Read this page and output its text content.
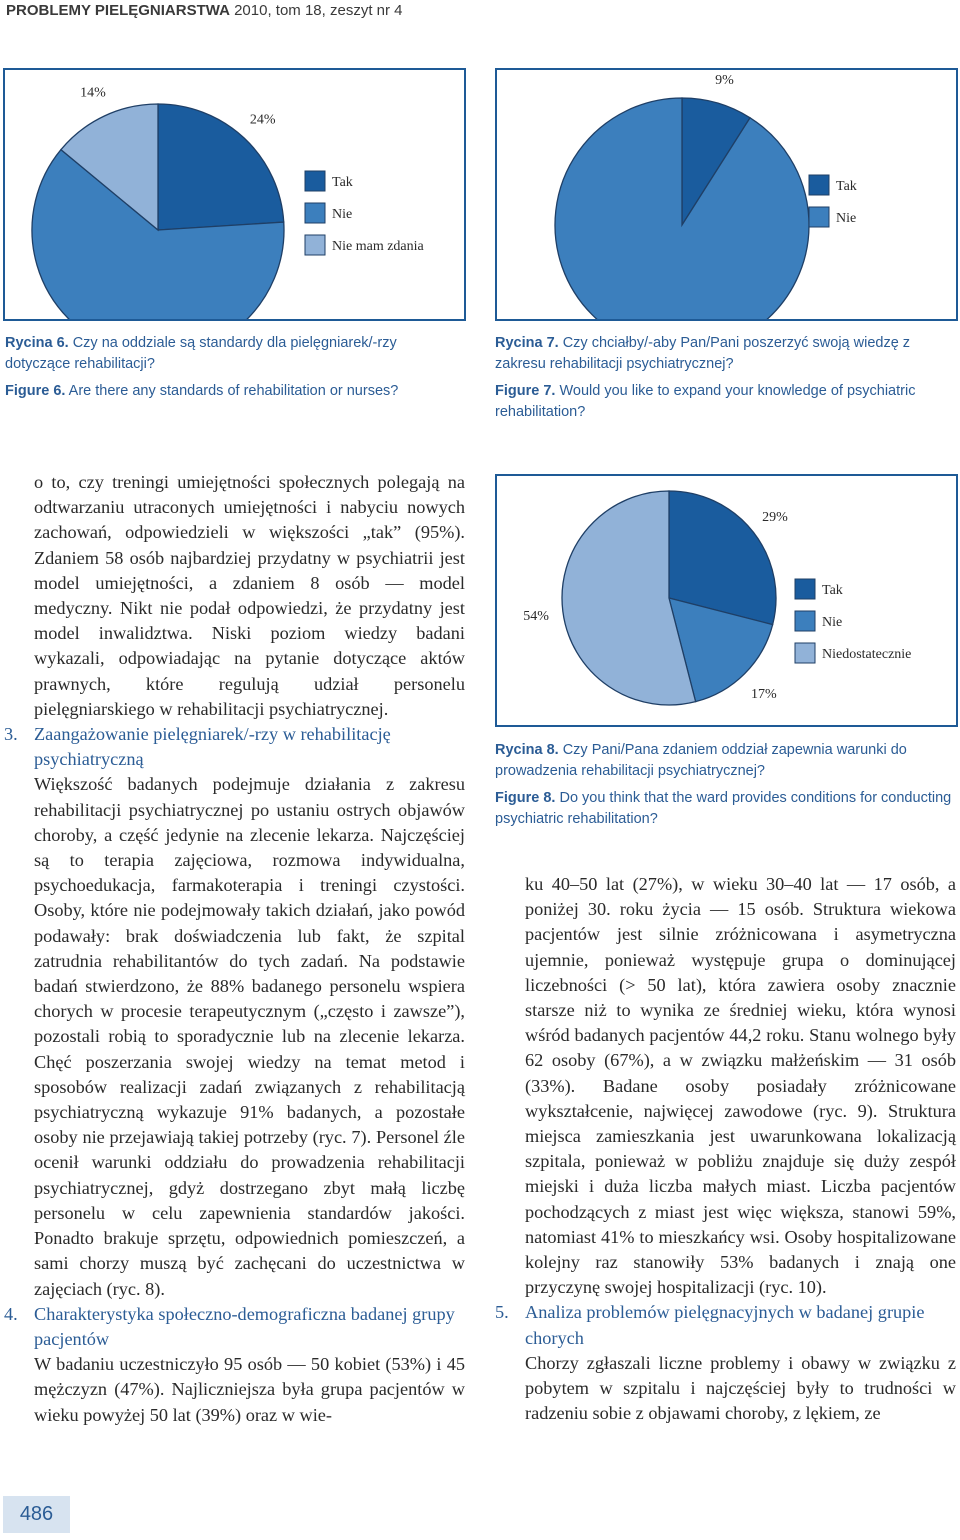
PROBLEMY PIELĘGNIARSTWA 2010, tom 18, zeszyt nr 4
24%
14%
Tak
Nie
Nie mam zdania

Rycina 6. Czy na oddziale są standardy dla pielęgniarek/-rzy dotyczące rehabilitacji?

Figure 6. Are there any standards of rehabilitation or nurses?

9%
Tak
Nie

Rycina 7. Czy chciałby/-aby Pan/Pani poszerzyć swoją wiedzę z zakresu rehabilitacji psychiatrycznej?

Figure 7. Would you like to expand your knowledge of psychiatric rehabilitation?

29%
17%
54%
Tak
Nie
Niedostatecznie

Rycina 8. Czy Pani/Pana zdaniem oddział zapewnia warunki do prowadzenia rehabilitacji psychiatrycznej?

Figure 8. Do you think that the ward provides conditions for conducting psychiatric rehabilitation?

o to, czy treningi umiejętności społecznych polegają na odtwarzaniu utraconych umiejętności i nabyciu nowych zachowań, odpowiedzieli w większości „tak” (95%). Zdaniem 58 osób najbardziej przydatny w psychiatrii jest model umiejętności, a zdaniem 8 osób — model medyczny. Nikt nie podał odpowiedzi, że przydatny jest model inwalidztwa. Niski poziom wiedzy badani wykazali, odpowiadając na pytanie dotyczące aktów prawnych, które regulują udział personelu pielęgniarskiego w rehabilitacji psychiatrycznej.

3. Zaangażowanie pielęgniarek/-rzy w rehabilitację psychiatryczną

Większość badanych podejmuje działania z zakresu rehabilitacji psychiatrycznej po ustaniu ostrych objawów choroby, a część jedynie na zlecenie lekarza. Najczęściej są to terapia zajęciowa, rozmowa indywidualna, psychoedukacja, farmakoterapia i treningi czystości. Osoby, które nie podejmowały takich działań, jako powód podawały: brak doświadczenia lub fakt, że szpital zatrudnia rehabilitantów do tych zadań. Na podstawie badań stwierdzono, że 88% badanego personelu wspiera chorych w procesie terapeutycznym („często i zawsze”), pozostali robią to sporadycznie lub na zlecenie lekarza. Chęć poszerzania swojej wiedzy na temat metod i sposobów realizacji zadań związanych z rehabilitacją psychiatryczną wykazuje 91% badanych, a pozostałe osoby nie przejawiają takiej potrzeby (ryc. 7). Personel źle ocenił warunki oddziału do prowadzenia rehabilitacji psychiatrycznej, gdyż dostrzegano zbyt małą liczbę personelu w celu zapewnienia standardów jakości. Ponadto brakuje sprzętu, odpowiednich pomieszczeń, a sami chorzy muszą być zachęcani do uczestnictwa w zajęciach (ryc. 8).

4. Charakterystyka społeczno-demograficzna badanej grupy pacjentów

W badaniu uczestniczyło 95 osób — 50 kobiet (53%) i 45 mężczyzn (47%). Najliczniejsza była grupa pacjentów w wieku powyżej 50 lat (39%) oraz w wie-

ku 40–50 lat (27%), w wieku 30–40 lat — 17 osób, a poniżej 30. roku życia — 15 osób. Struktura wiekowa pacjentów jest silnie zróżnicowana i asymetryczna ujemnie, ponieważ występuje grupa o dominującej liczebności (> 50 lat), która zawiera osoby znacznie starsze niż to wynika ze średniej wieku, która wynosi wśród badanych pacjentów 44,2 roku. Stanu wolnego były 62 osoby (67%), a w związku małżeńskim — 31 osób (33%). Badane osoby posiadały zróżnicowane wykształcenie, najwięcej zawodowe (ryc. 9). Struktura miejsca zamieszkania jest uwarunkowana lokalizacją szpitala, ponieważ w pobliżu znajduje się duży zespół miejski i duża liczba małych miast. Liczba pacjentów pochodzących z miast jest więc większa, stanowi 59%, natomiast 41% to mieszkańcy wsi. Osoby hospitalizowane kolejny raz stanowiły 53% badanych i znają one przyczynę swojej hospitalizacji (ryc. 10).

5. Analiza problemów pielęgnacyjnych w badanej grupie chorych

Chorzy zgłaszali liczne problemy i obawy w związku z pobytem w szpitalu i najczęściej były to trudności w radzeniu sobie z objawami choroby, z lękiem, ze

486
